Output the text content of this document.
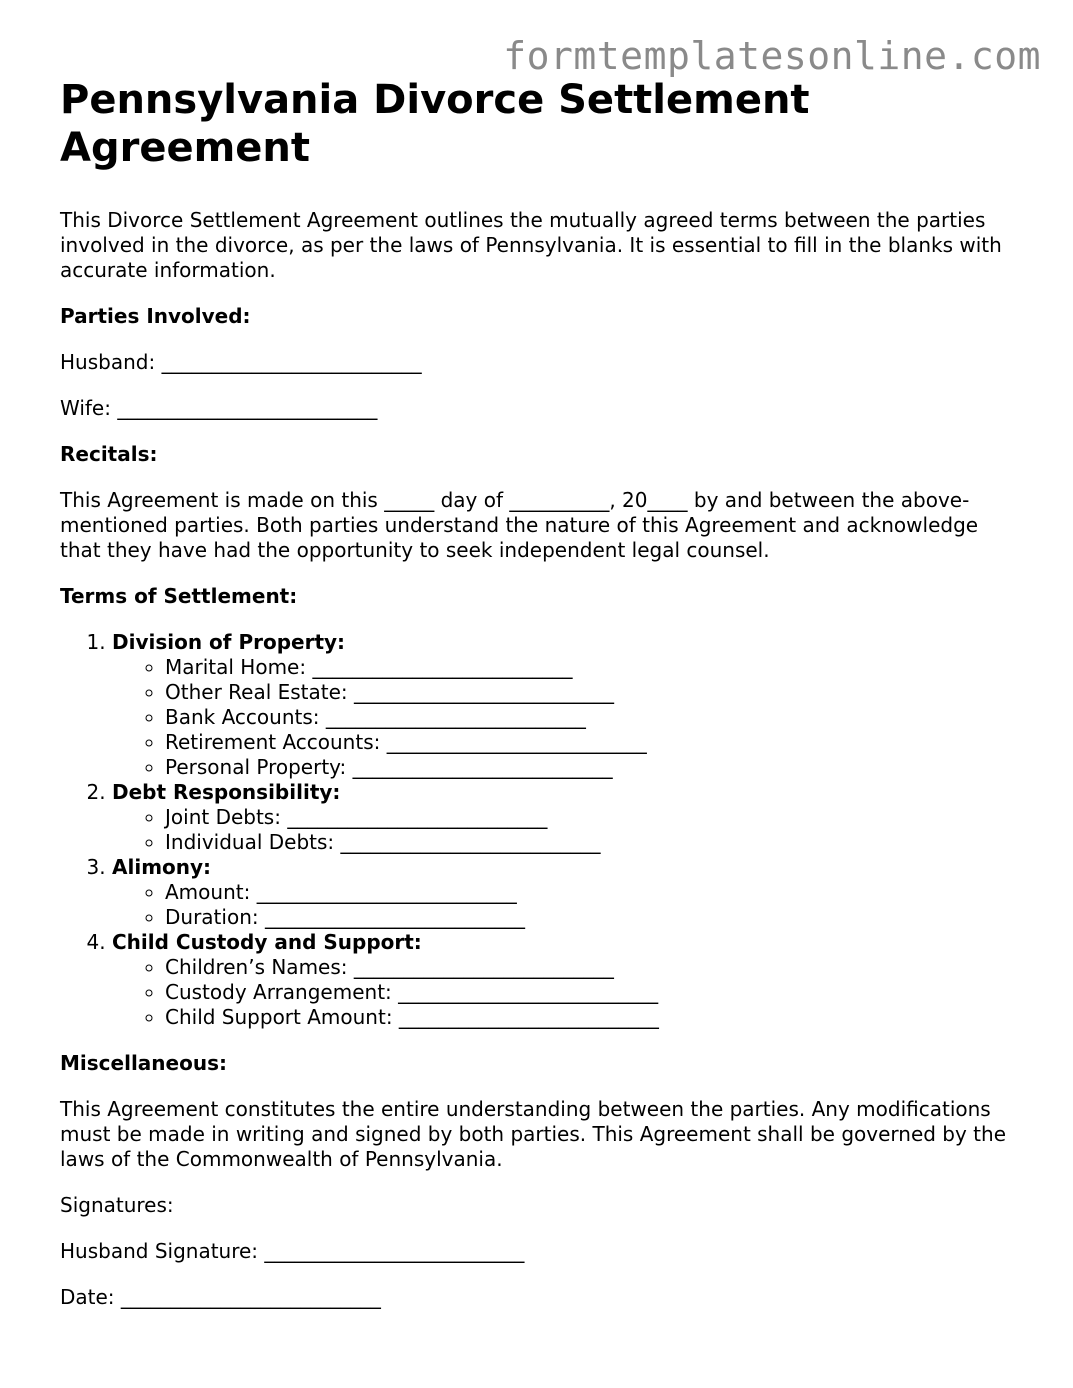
formtemplatesonline.com
Pennsylvania Divorce Settlement Agreement

This Divorce Settlement Agreement outlines the mutually agreed terms between the parties involved in the divorce, as per the laws of Pennsylvania. It is essential to fill in the blanks with accurate information.

Parties Involved:

Husband: __________________________

Wife: __________________________

Recitals:

This Agreement is made on this _____ day of __________, 20____ by and between the above-mentioned parties. Both parties understand the nature of this Agreement and acknowledge that they have had the opportunity to seek independent legal counsel.

Terms of Settlement:

1. Division of Property:
◦ Marital Home: __________________________
◦ Other Real Estate: __________________________
◦ Bank Accounts: __________________________
◦ Retirement Accounts: __________________________
◦ Personal Property: __________________________
2. Debt Responsibility:
◦ Joint Debts: __________________________
◦ Individual Debts: __________________________
3. Alimony:
◦ Amount: __________________________
◦ Duration: __________________________
4. Child Custody and Support:
◦ Children’s Names: __________________________
◦ Custody Arrangement: __________________________
◦ Child Support Amount: __________________________

Miscellaneous:

This Agreement constitutes the entire understanding between the parties. Any modifications must be made in writing and signed by both parties. This Agreement shall be governed by the laws of the Commonwealth of Pennsylvania.

Signatures:

Husband Signature: __________________________

Date: __________________________
